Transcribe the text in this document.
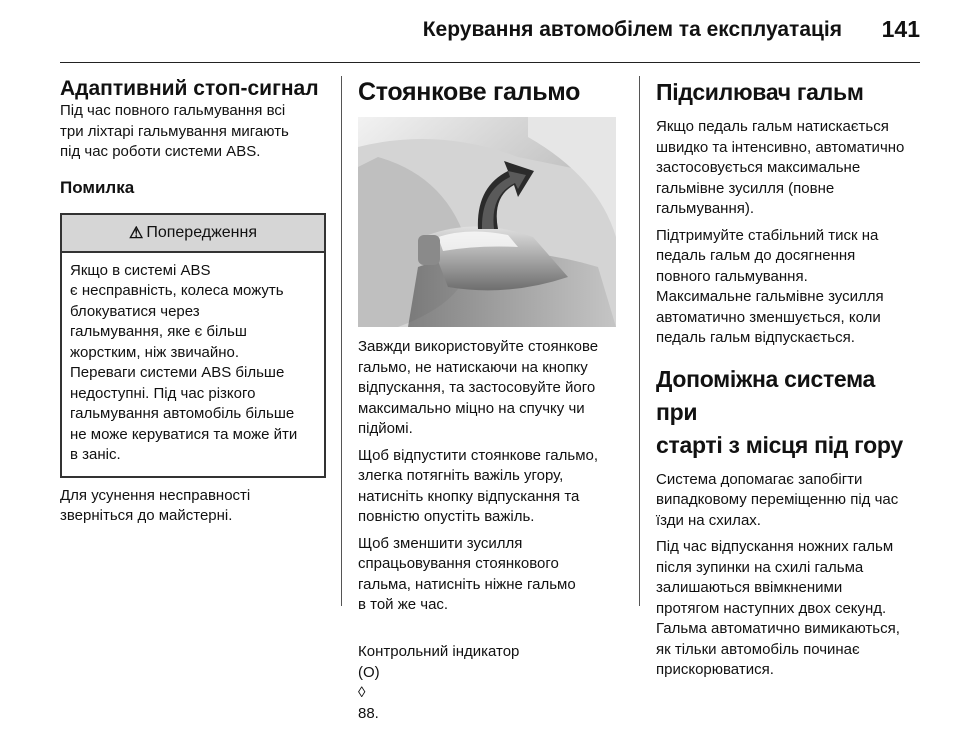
Керування автомобілем та експлуатація 141
Адаптивний стоп-сигнал

Під час повного гальмування всі
три ліхтарі гальмування мигають
під час роботи системи ABS.

Помилка
⚠ Попередження

Якщо в системі ABS
є несправність, колеса можуть
блокуватися через
гальмування, яке є більш
жорстким, ніж звичайно.
Переваги системи ABS більше
недоступні. Під час різкого
гальмування автомобіль більше
не може керуватися та може йти
в заніс.

Для усунення несправності
зверніться до майстерні.

Стоянкове гальмо

Завжди використовуйте стоянкове
гальмо, не натискаючи на кнопку
відпускання, та застосовуйте його
максимально міцно на спучку чи
підйомі.

Щоб відпустити стоянкове гальмо,
злегка потягніть важіль угору,
натисніть кнопку відпускання та
повністю опустіть важіль.

Щоб зменшити зусилля
спрацьовування стоянкового
гальма, натисніть ніжне гальмо
в той же час.

Контрольний індикатор
(O)
◊
88.

Підсилювач гальм

Якщо педаль гальм натискається
швидко та інтенсивно, автоматично
застосовується максимальне
гальмівне зусилля (повне
гальмування).

Підтримуйте стабільний тиск на
педаль гальм до досягнення
повного гальмування.
Максимальне гальмівне зусилля
автоматично зменшується, коли
педаль гальм відпускається.

Допоміжна система при
старті з місця під гору

Система допомагає запобігти
випадковому переміщенню під час
їзди на схилах.

Під час відпускання ножних гальм
після зупинки на схилі гальма
залишаються ввімкненими
протягом наступних двох секунд.
Гальма автоматично вимикаються,
як тільки автомобіль починає
прискорюватися.
